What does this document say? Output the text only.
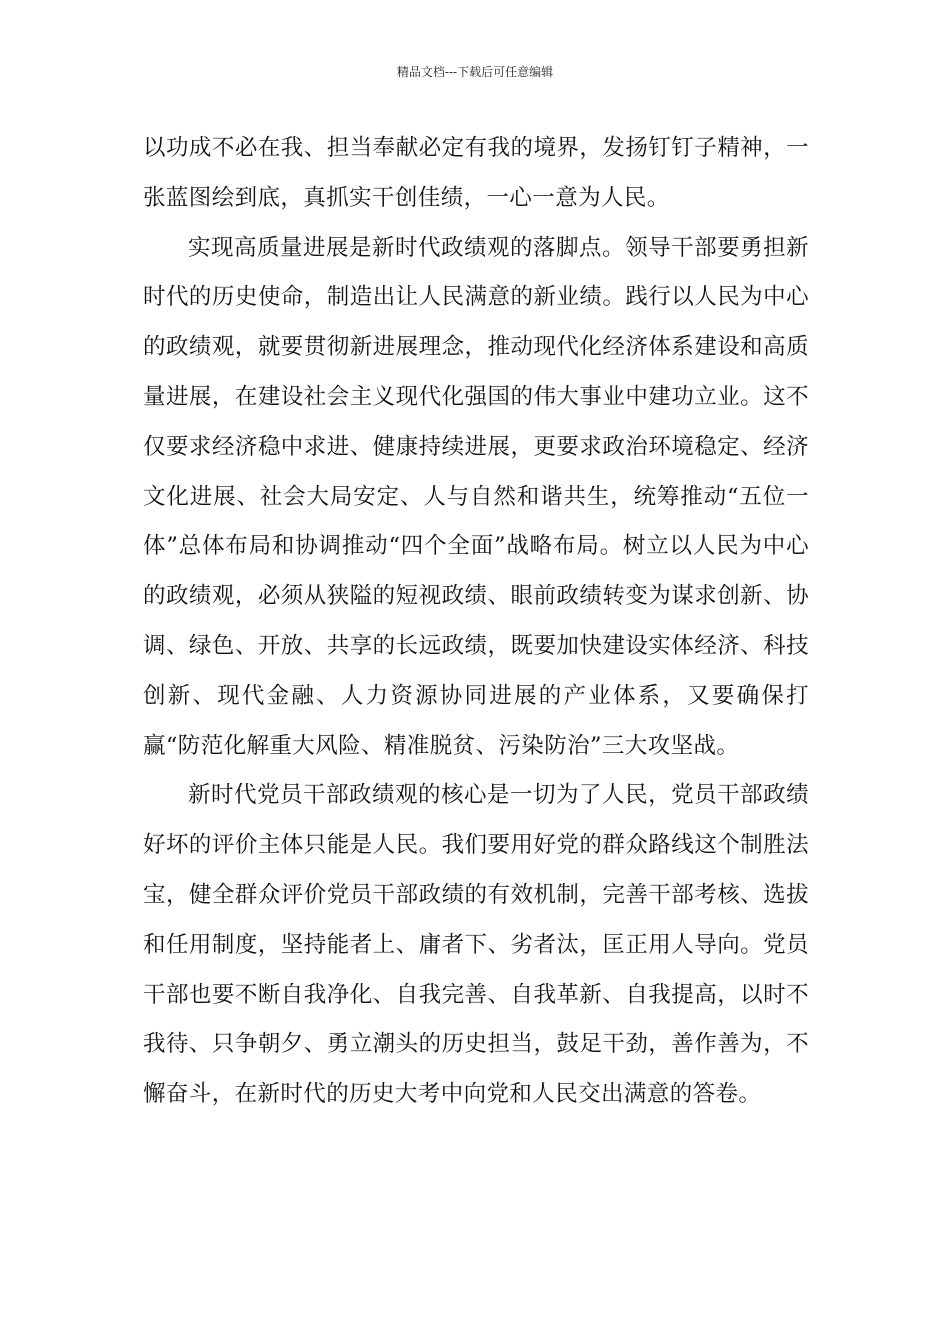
精品文档---下载后可任意编辑

以功成不必在我、担当奉献必定有我的境界，发扬钉钉子精神，一张蓝图绘到底，真抓实干创佳绩，一心一意为人民。

实现高质量进展是新时代政绩观的落脚点。领导干部要勇担新时代的历史使命，制造出让人民满意的新业绩。践行以人民为中心的政绩观，就要贯彻新进展理念，推动现代化经济体系建设和高质量进展，在建设社会主义现代化强国的伟大事业中建功立业。这不仅要求经济稳中求进、健康持续进展，更要求政治环境稳定、经济文化进展、社会大局安定、人与自然和谐共生，统筹推动“五位一体”总体布局和协调推动“四个全面”战略布局。树立以人民为中心的政绩观，必须从狭隘的短视政绩、眼前政绩转变为谋求创新、协调、绿色、开放、共享的长远政绩，既要加快建设实体经济、科技创新、现代金融、人力资源协同进展的产业体系，又要确保打赢“防范化解重大风险、精准脱贫、污染防治”三大攻坚战。

新时代党员干部政绩观的核心是一切为了人民，党员干部政绩好坏的评价主体只能是人民。我们要用好党的群众路线这个制胜法宝，健全群众评价党员干部政绩的有效机制，完善干部考核、选拔和任用制度，坚持能者上、庸者下、劣者汰，匡正用人导向。党员干部也要不断自我净化、自我完善、自我革新、自我提高，以时不我待、只争朝夕、勇立潮头的历史担当，鼓足干劲，善作善为，不懈奋斗，在新时代的历史大考中向党和人民交出满意的答卷。
